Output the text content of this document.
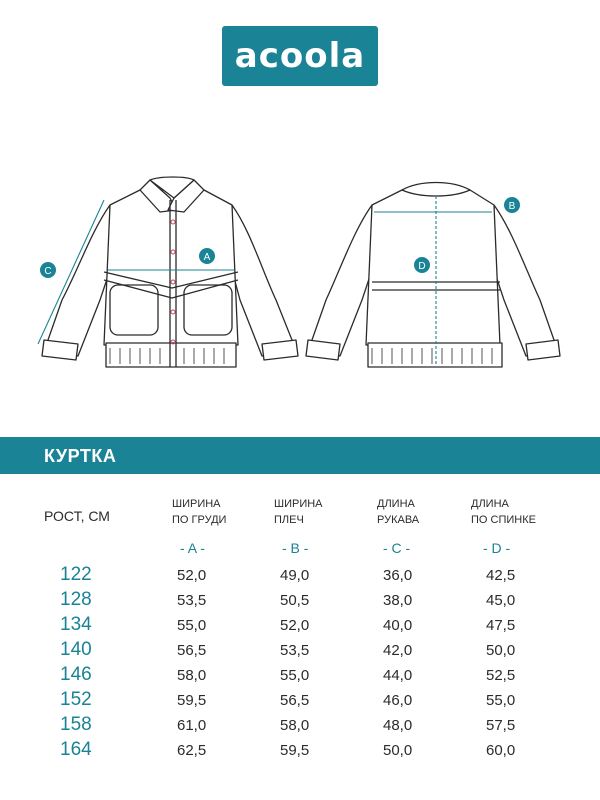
acoola
A
B
C	D
КУРТКА
РОСТ, СМ
ШИРИНА
ПО ГРУДИ
ШИРИНА
ПЛЕЧ
ДЛИНА
РУКАВА
ДЛИНА
ПО СПИНКЕ
- A -	- B -	- C -	- D -
122	52,0	49,0	36,0	42,5
128	53,5	50,5	38,0	45,0
134	55,0	52,0	40,0	47,5
140	56,5	53,5	42,0	50,0
146	58,0	55,0	44,0	52,5
152	59,5	56,5	46,0	55,0
158	61,0	58,0	48,0	57,5
164	62,5	59,5	50,0	60,0
